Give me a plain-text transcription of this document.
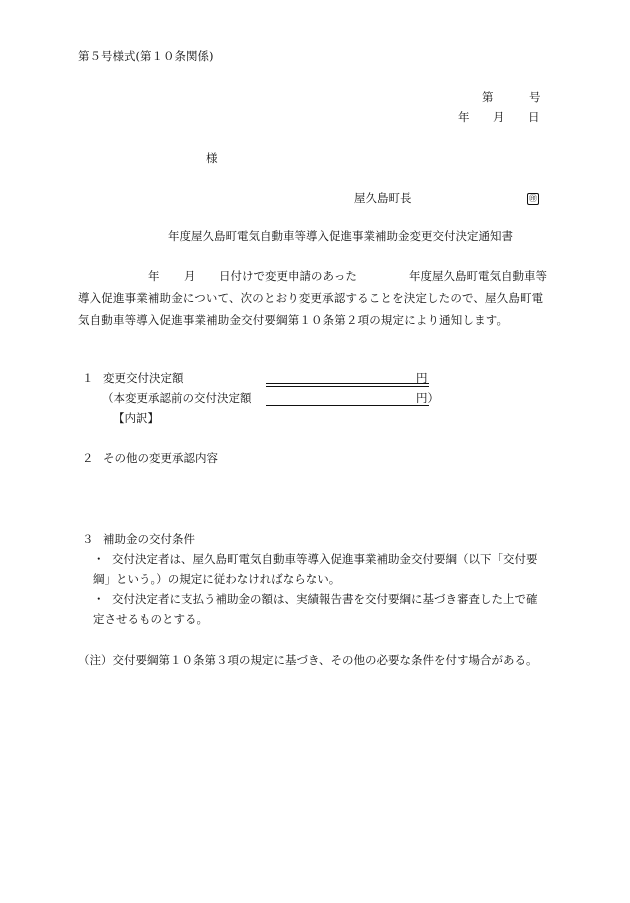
第５号様式(第１０条関係)
第	号
年 月 日
様
屋久島町長	㊞
年度屋久島町電気自動車等導入促進事業補助金変更交付決定通知書
年 月 日付けで変更申請のあった	年度屋久島町電気自動車等
導入促進事業補助金について、次のとおり変更承認することを決定したので、屋久島町電
気自動車等導入促進事業補助金交付要綱第１０条第２項の規定により通知します。
１ 変更交付決定額	円
（本変更承認前の交付決定額	円）
【内訳】
２ その他の変更承認内容
３ 補助金の交付条件
・ 交付決定者は、屋久島町電気自動車等導入促進事業補助金交付要綱（以下「交付要
綱」という。）の規定に従わなければならない。
・ 交付決定者に支払う補助金の額は、実績報告書を交付要綱に基づき審査した上で確
定させるものとする。
（注）交付要綱第１０条第３項の規定に基づき、その他の必要な条件を付す場合がある。
